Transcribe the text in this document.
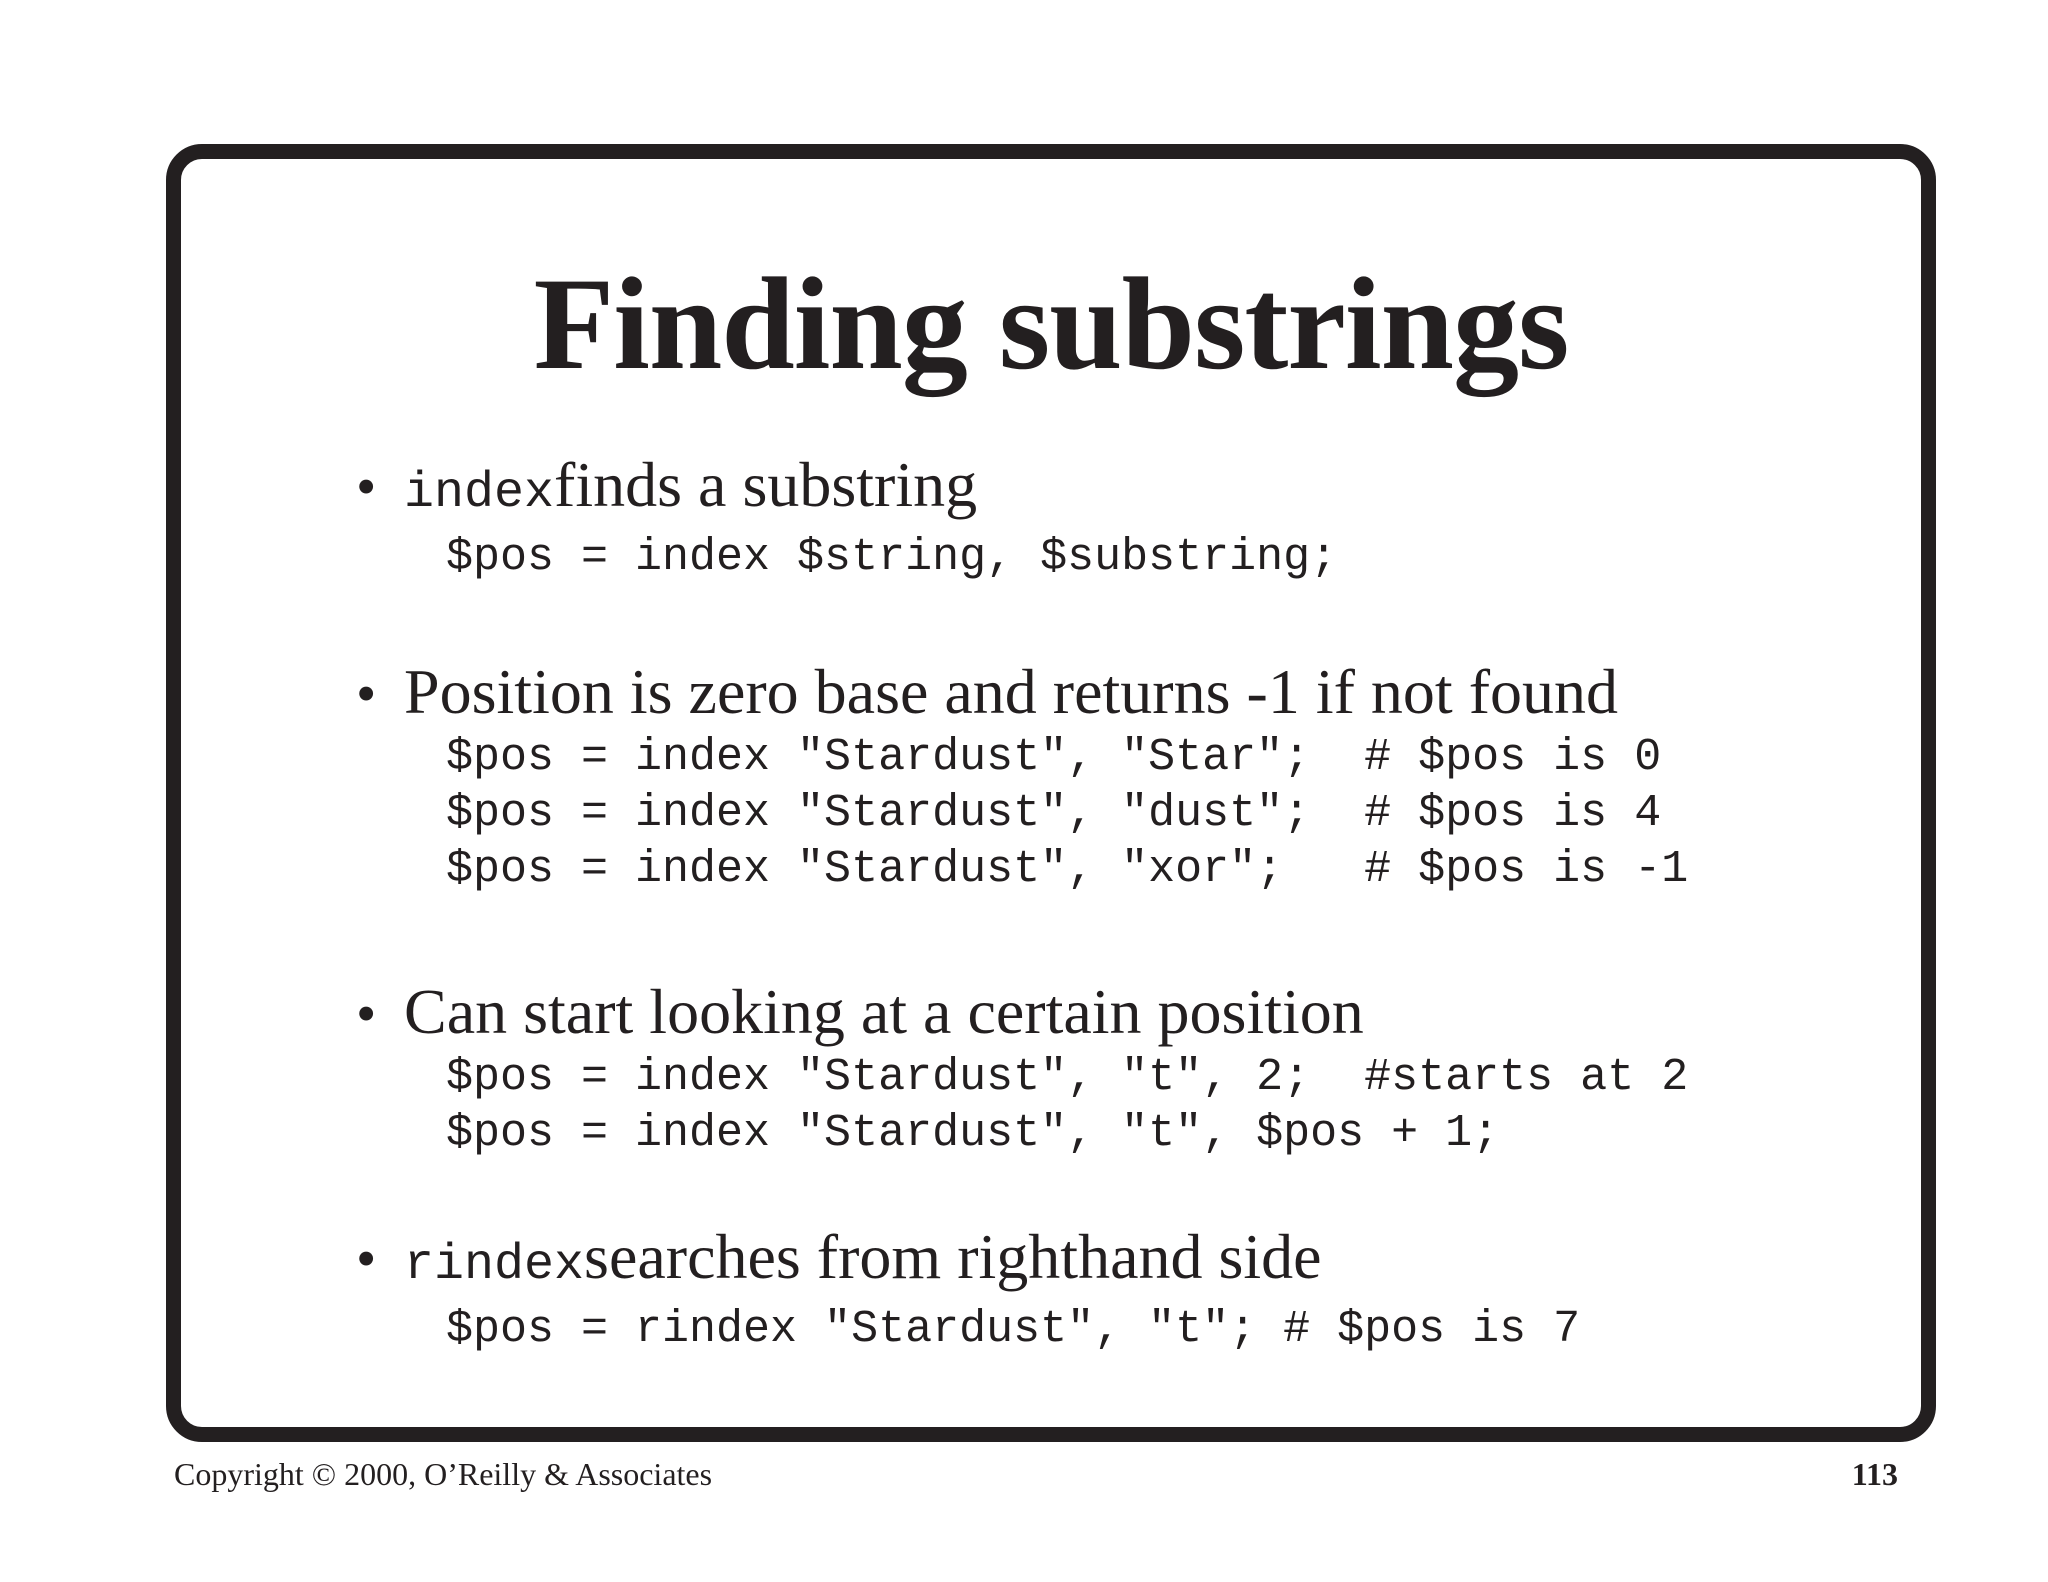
Finding substrings
• index finds a substring
$pos = index $string, $substring;
• Position is zero base and returns -1 if not found
$pos = index "Stardust", "Star";  # $pos is 0
$pos = index "Stardust", "dust";  # $pos is 4
$pos = index "Stardust", "xor";   # $pos is -1
• Can start looking at a certain position
$pos = index "Stardust", "t", 2;  #starts at 2
$pos = index "Stardust", "t", $pos + 1;
• rindex searches from righthand side
$pos = rindex "Stardust", "t"; # $pos is 7
Copyright © 2000, O’Reilly & Associates	113
